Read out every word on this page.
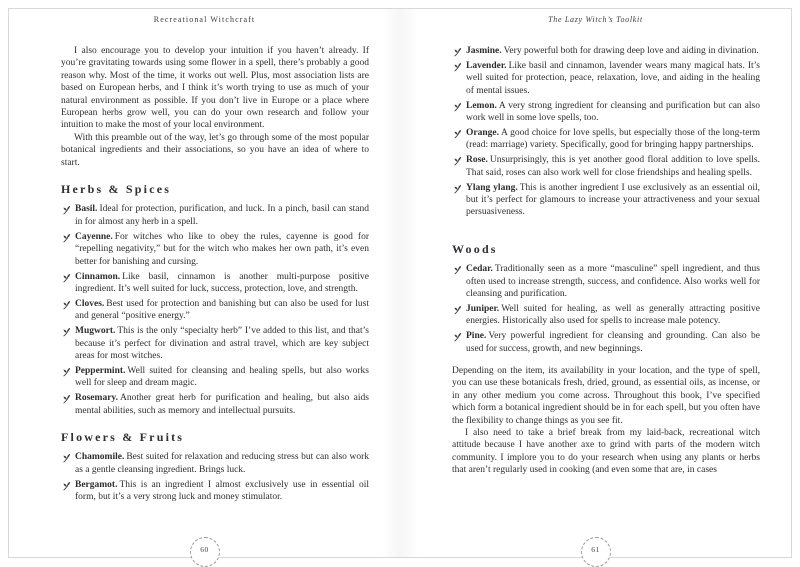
Recreational Witchcraft

I also encourage you to develop your intuition if you haven’t already. If you’re gravitating towards using some flower in a spell, there’s probably a good reason why. Most of the time, it works out well. Plus, most association lists are based on European herbs, and I think it’s worth trying to use as much of your natural environment as possible. If you don’t live in Europe or a place where European herbs grow well, you can do your own research and follow your intuition to make the most of your local environment.

With this preamble out of the way, let’s go through some of the most popular botanical ingredients and their associations, so you have an idea of where to start.

Herbs & Spices
Basil. Ideal for protection, purification, and luck. In a pinch, basil can stand in for almost any herb in a spell.
Cayenne. For witches who like to obey the rules, cayenne is good for “repelling negativity,” but for the witch who makes her own path, it’s even better for banishing and cursing.
Cinnamon. Like basil, cinnamon is another multi-purpose positive ingredient. It’s well suited for luck, success, protection, love, and strength.
Cloves. Best used for protection and banishing but can also be used for lust and general “positive energy.”
Mugwort. This is the only “specialty herb” I’ve added to this list, and that’s because it’s perfect for divination and astral travel, which are key subject areas for most witches.
Peppermint. Well suited for cleansing and healing spells, but also works well for sleep and dream magic.
Rosemary. Another great herb for purification and healing, but also aids mental abilities, such as memory and intellectual pursuits.
Flowers & Fruits
Chamomile. Best suited for relaxation and reducing stress but can also work as a gentle cleansing ingredient. Brings luck.
Bergamot. This is an ingredient I almost exclusively use in essential oil form, but it’s a very strong luck and money stimulator.
60
The Lazy Witch’s Toolkit
Jasmine. Very powerful both for drawing deep love and aiding in divination.
Lavender. Like basil and cinnamon, lavender wears many magical hats. It’s well suited for protection, peace, relaxation, love, and aiding in the healing of mental issues.
Lemon. A very strong ingredient for cleansing and purification but can also work well in some love spells, too.
Orange. A good choice for love spells, but especially those of the long-term (read: marriage) variety. Specifically, good for bringing happy partnerships.
Rose. Unsurprisingly, this is yet another good floral addition to love spells. That said, roses can also work well for close friendships and healing spells.
Ylang ylang. This is another ingredient I use exclusively as an essential oil, but it’s perfect for glamours to increase your attractiveness and your sexual persuasiveness.
Woods
Cedar. Traditionally seen as a more “masculine” spell ingredient, and thus often used to increase strength, success, and confidence. Also works well for cleansing and purification.
Juniper. Well suited for healing, as well as generally attracting positive energies. Historically also used for spells to increase male potency.
Pine. Very powerful ingredient for cleansing and grounding. Can also be used for success, growth, and new beginnings.

Depending on the item, its availability in your location, and the type of spell, you can use these botanicals fresh, dried, ground, as essential oils, as incense, or in any other medium you come across. Throughout this book, I’ve specified which form a botanical ingredient should be in for each spell, but you often have the flexibility to change things as you see fit.

I also need to take a brief break from my laid-back, recreational witch attitude because I have another axe to grind with parts of the modern witch community. I implore you to do your research when using any plants or herbs that aren’t regularly used in cooking (and even some that are, in cases

61
